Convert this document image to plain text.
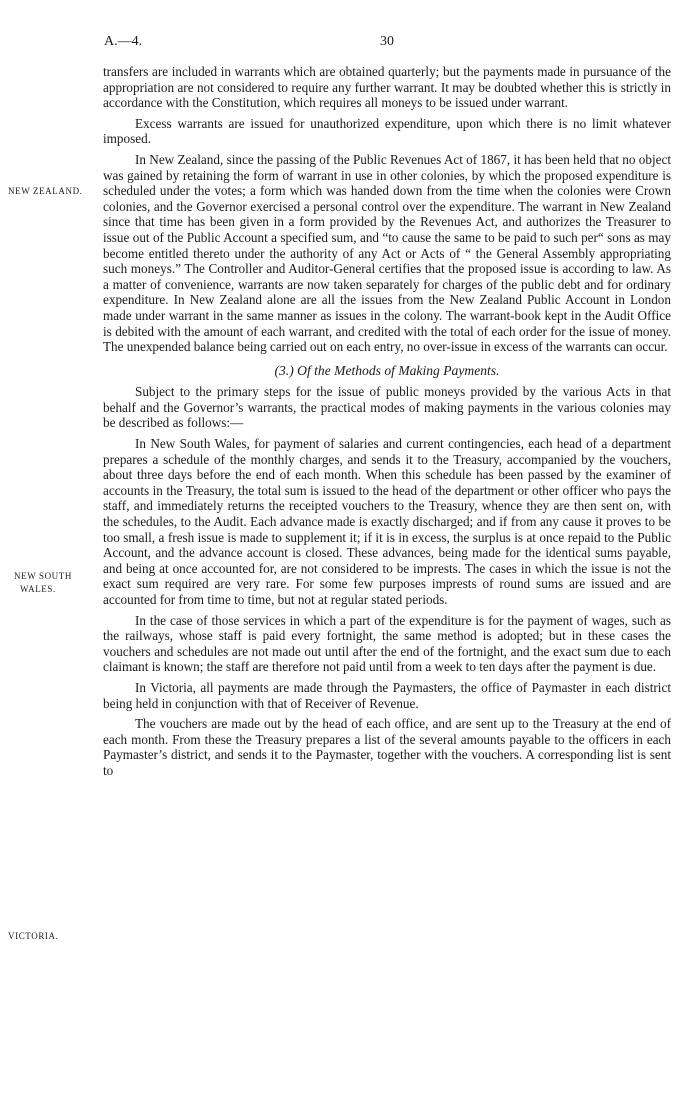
A.—4.	30
NEW ZEALAND.
NEW SOUTH
WALES.
VICTORIA.

transfers are included in warrants which are obtained quarterly; but the payments made in pursuance of the appropriation are not considered to require any further warrant. It may be doubted whether this is strictly in accordance with the Constitution, which requires all moneys to be issued under warrant.

Excess warrants are issued for unauthorized expenditure, upon which there is no limit whatever imposed.

In New Zealand, since the passing of the Public Revenues Act of 1867, it has been held that no object was gained by retaining the form of warrant in use in other colonies, by which the proposed expenditure is scheduled under the votes; a form which was handed down from the time when the colonies were Crown colonies, and the Governor exercised a personal control over the expenditure. The warrant in New Zealand since that time has been given in a form provided by the Revenues Act, and authorizes the Treasurer to issue out of the Public Account a specified sum, and “to cause the same to be paid to such per“ sons as may become entitled thereto under the authority of any Act or Acts of “ the General Assembly appropriating such moneys.” The Controller and Auditor-General certifies that the proposed issue is according to law. As a matter of convenience, warrants are now taken separately for charges of the public debt and for ordinary expenditure. In New Zealand alone are all the issues from the New Zealand Public Account in London made under warrant in the same manner as issues in the colony. The warrant-book kept in the Audit Office is debited with the amount of each warrant, and credited with the total of each order for the issue of money. The unexpended balance being carried out on each entry, no over-issue in excess of the warrants can occur.

(3.) Of the Methods of Making Payments.

Subject to the primary steps for the issue of public moneys provided by the various Acts in that behalf and the Governor’s warrants, the practical modes of making payments in the various colonies may be described as follows:—

In New South Wales, for payment of salaries and current contingencies, each head of a department prepares a schedule of the monthly charges, and sends it to the Treasury, accompanied by the vouchers, about three days before the end of each month. When this schedule has been passed by the examiner of accounts in the Treasury, the total sum is issued to the head of the department or other officer who pays the staff, and immediately returns the receipted vouchers to the Treasury, whence they are then sent on, with the schedules, to the Audit. Each advance made is exactly discharged; and if from any cause it proves to be too small, a fresh issue is made to supplement it; if it is in excess, the surplus is at once repaid to the Public Account, and the advance account is closed. These advances, being made for the identical sums payable, and being at once accounted for, are not considered to be imprests. The cases in which the issue is not the exact sum required are very rare. For some few purposes imprests of round sums are issued and are accounted for from time to time, but not at regular stated periods.

In the case of those services in which a part of the expenditure is for the payment of wages, such as the railways, whose staff is paid every fortnight, the same method is adopted; but in these cases the vouchers and schedules are not made out until after the end of the fortnight, and the exact sum due to each claimant is known; the staff are therefore not paid until from a week to ten days after the payment is due.

In Victoria, all payments are made through the Paymasters, the office of Paymaster in each district being held in conjunction with that of Receiver of Revenue.

The vouchers are made out by the head of each office, and are sent up to the Treasury at the end of each month. From these the Treasury prepares a list of the several amounts payable to the officers in each Paymaster’s district, and sends it to the Paymaster, together with the vouchers. A corresponding list is sent to
